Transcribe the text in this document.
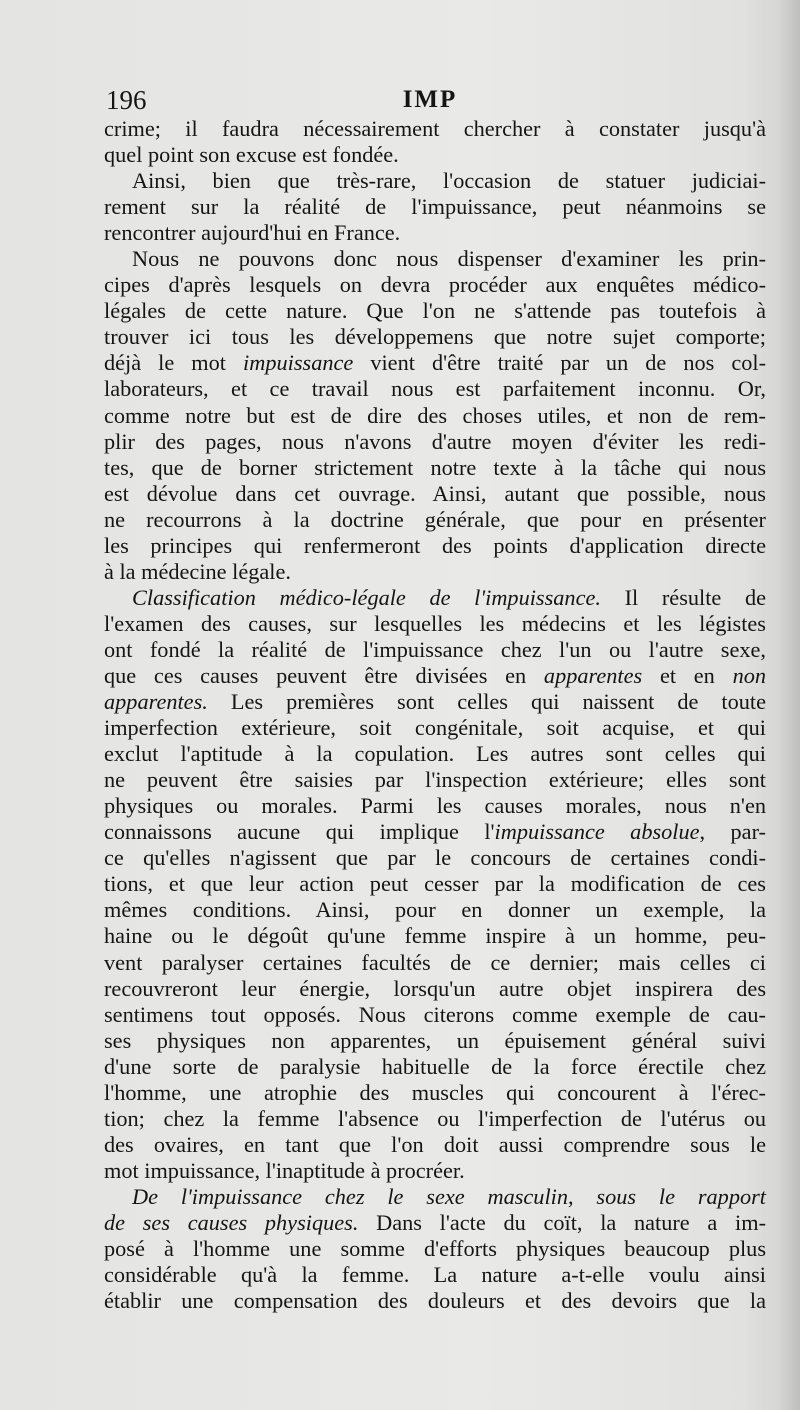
196	IMP
crime; il faudra nécessairement chercher à constater jusqu'à
quel point son excuse est fondée.
Ainsi, bien que très-rare, l'occasion de statuer judiciai-
rement sur la réalité de l'impuissance, peut néanmoins se
rencontrer aujourd'hui en France.
Nous ne pouvons donc nous dispenser d'examiner les prin-
cipes d'après lesquels on devra procéder aux enquêtes médico-
légales de cette nature. Que l'on ne s'attende pas toutefois à
trouver ici tous les développemens que notre sujet comporte;
déjà le mot impuissance vient d'être traité par un de nos col-
laborateurs, et ce travail nous est parfaitement inconnu. Or,
comme notre but est de dire des choses utiles, et non de rem-
plir des pages, nous n'avons d'autre moyen d'éviter les redi-
tes, que de borner strictement notre texte à la tâche qui nous
est dévolue dans cet ouvrage. Ainsi, autant que possible, nous
ne recourrons à la doctrine générale, que pour en présenter
les principes qui renfermeront des points d'application directe
à la médecine légale.
Classification médico-légale de l'impuissance. Il résulte de
l'examen des causes, sur lesquelles les médecins et les légistes
ont fondé la réalité de l'impuissance chez l'un ou l'autre sexe,
que ces causes peuvent être divisées en apparentes et en non
apparentes. Les premières sont celles qui naissent de toute
imperfection extérieure, soit congénitale, soit acquise, et qui
exclut l'aptitude à la copulation. Les autres sont celles qui
ne peuvent être saisies par l'inspection extérieure; elles sont
physiques ou morales. Parmi les causes morales, nous n'en
connaissons aucune qui implique l'impuissance absolue, par-
ce qu'elles n'agissent que par le concours de certaines condi-
tions, et que leur action peut cesser par la modification de ces
mêmes conditions. Ainsi, pour en donner un exemple, la
haine ou le dégoût qu'une femme inspire à un homme, peu-
vent paralyser certaines facultés de ce dernier; mais celles ci
recouvreront leur énergie, lorsqu'un autre objet inspirera des
sentimens tout opposés. Nous citerons comme exemple de cau-
ses physiques non apparentes, un épuisement général suivi
d'une sorte de paralysie habituelle de la force érectile chez
l'homme, une atrophie des muscles qui concourent à l'érec-
tion; chez la femme l'absence ou l'imperfection de l'utérus ou
des ovaires, en tant que l'on doit aussi comprendre sous le
mot impuissance, l'inaptitude à procréer.
De l'impuissance chez le sexe masculin, sous le rapport
de ses causes physiques. Dans l'acte du coït, la nature a im-
posé à l'homme une somme d'efforts physiques beaucoup plus
considérable qu'à la femme. La nature a-t-elle voulu ainsi
établir une compensation des douleurs et des devoirs que la
